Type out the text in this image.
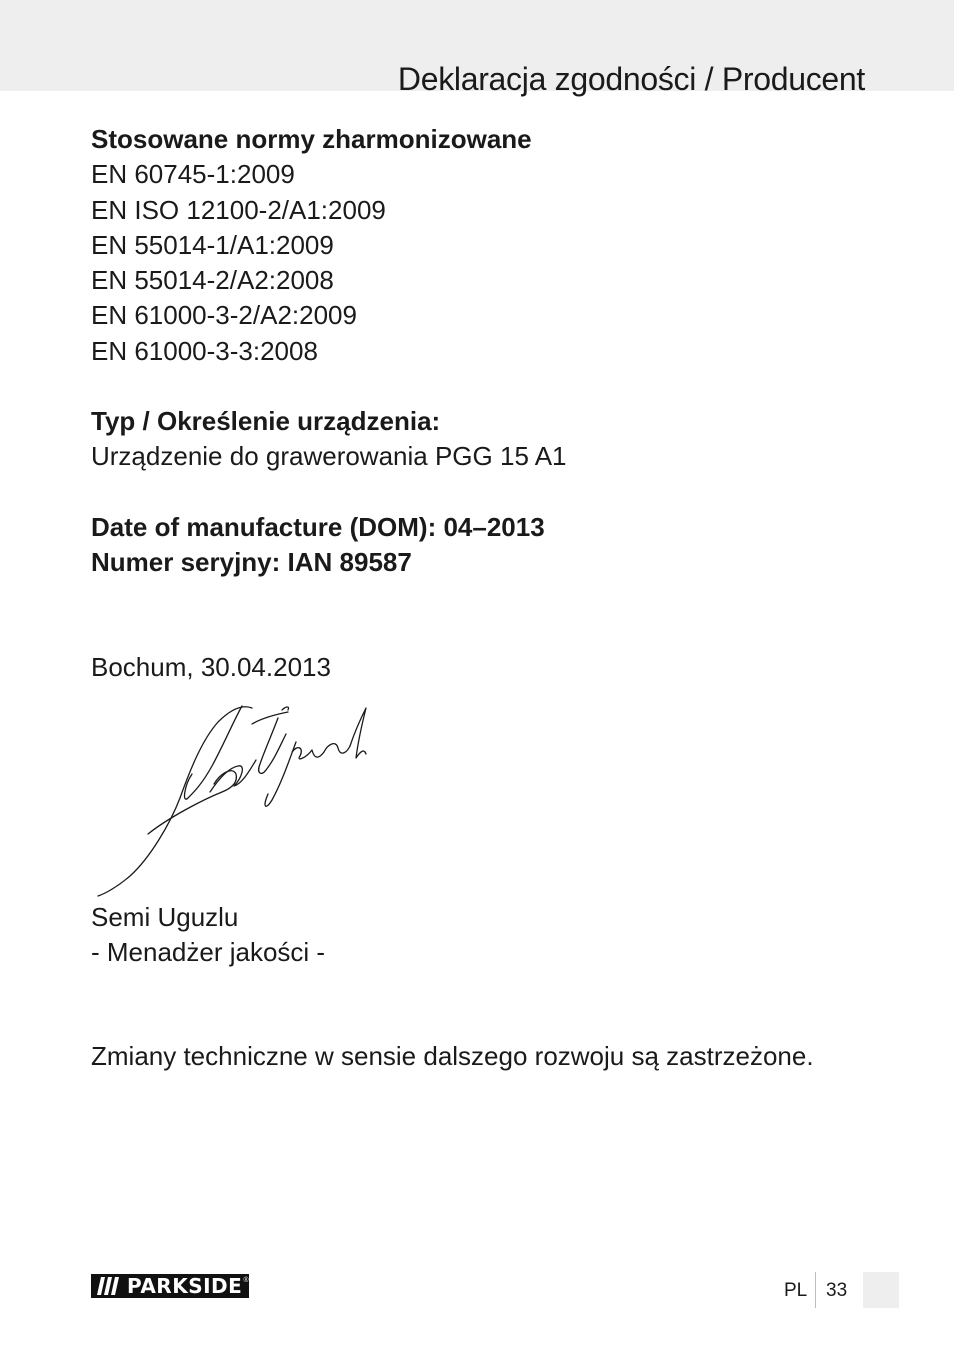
Deklaracja zgodności / Producent
Stosowane normy zharmonizowane
EN 60745-1:2009
EN ISO 12100-2/A1:2009
EN 55014-1/A1:2009
EN 55014-2/A2:2008
EN 61000-3-2/A2:2009
EN 61000-3-3:2008
Typ / Określenie urządzenia:
Urządzenie do grawerowania PGG 15 A1
Date of manufacture (DOM): 04–2013
Numer seryjny: IAN 89587
Bochum, 30.04.2013
Semi Uguzlu
- Menadżer jakości -
Zmiany techniczne w sensie dalszego rozwoju są zastrzeżone.
PARKSIDE ®	PL 33
